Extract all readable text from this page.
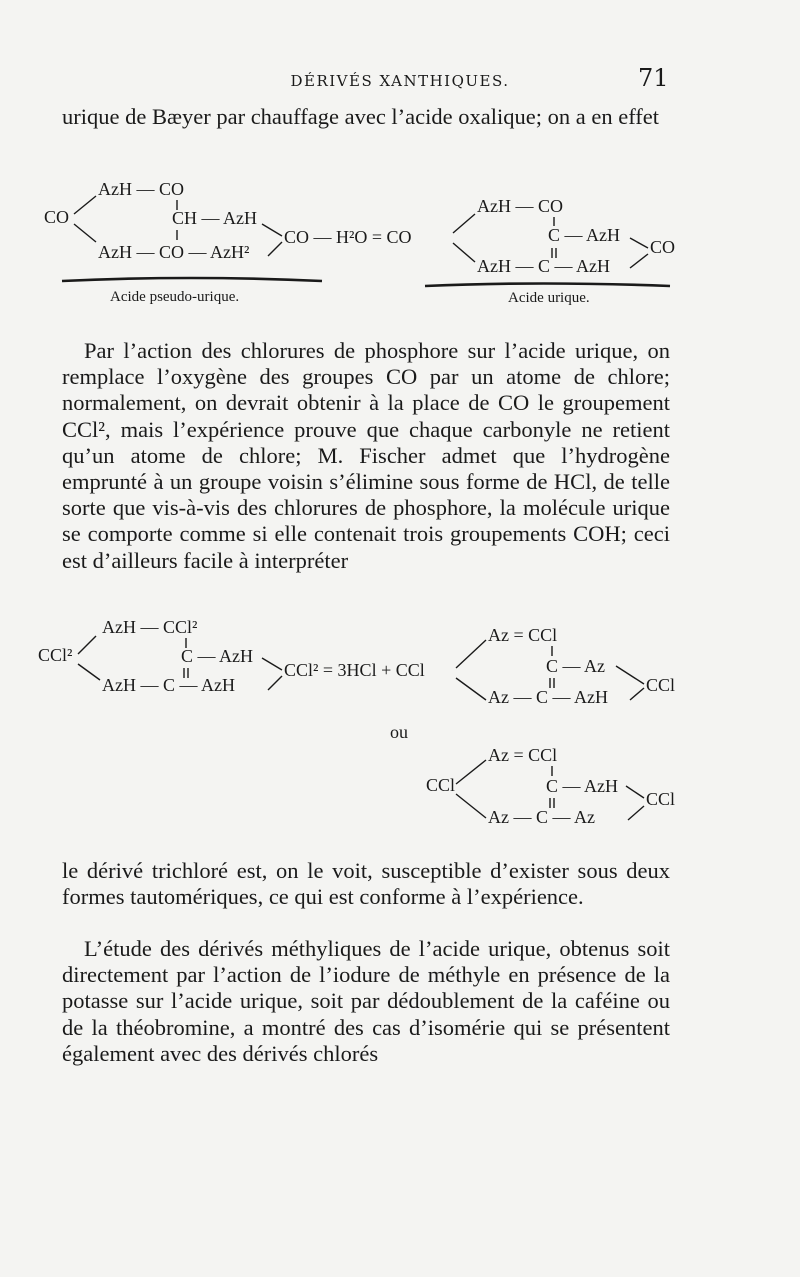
DÉRIVÉS XANTHIQUES.	71

urique de Bæyer par chauffage avec l’acide oxalique; on a en effet

CO
AzH — CO
CH — AzH
AzH — CO — AzH²
CO — H²O = CO
Acide pseudo-urique.
AzH — CO
C — AzH
AzH — C — AzH
CO
Acide urique.
CCl²
AzH — CCl²
C — AzH
AzH — C — AzH
CCl² = 3HCl + CCl
Az = CCl
C — Az
Az — C — AzH
CCl
CCl
Az = CCl
C — AzH
Az — C — Az
CCl

Par l’action des chlorures de phosphore sur l’acide urique, on remplace l’oxygène des groupes CO par un atome de chlore; normalement, on devrait obtenir à la place de CO le groupement CCl², mais l’expérience prouve que chaque carbonyle ne retient qu’un atome de chlore; M. Fischer admet que l’hydrogène emprunté à un groupe voisin s’élimine sous forme de HCl, de telle sorte que vis-à-vis des chlorures de phosphore, la molécule urique se comporte comme si elle contenait trois groupements COH; ceci est d’ailleurs facile à interpréter

ou

le dérivé trichloré est, on le voit, susceptible d’exister sous deux formes tautomériques, ce qui est conforme à l’expérience.

L’étude des dérivés méthyliques de l’acide urique, obtenus soit directement par l’action de l’iodure de méthyle en présence de la potasse sur l’acide urique, soit par dédoublement de la caféine ou de la théobromine, a montré des cas d’isomérie qui se présentent également avec des dérivés chlorés
